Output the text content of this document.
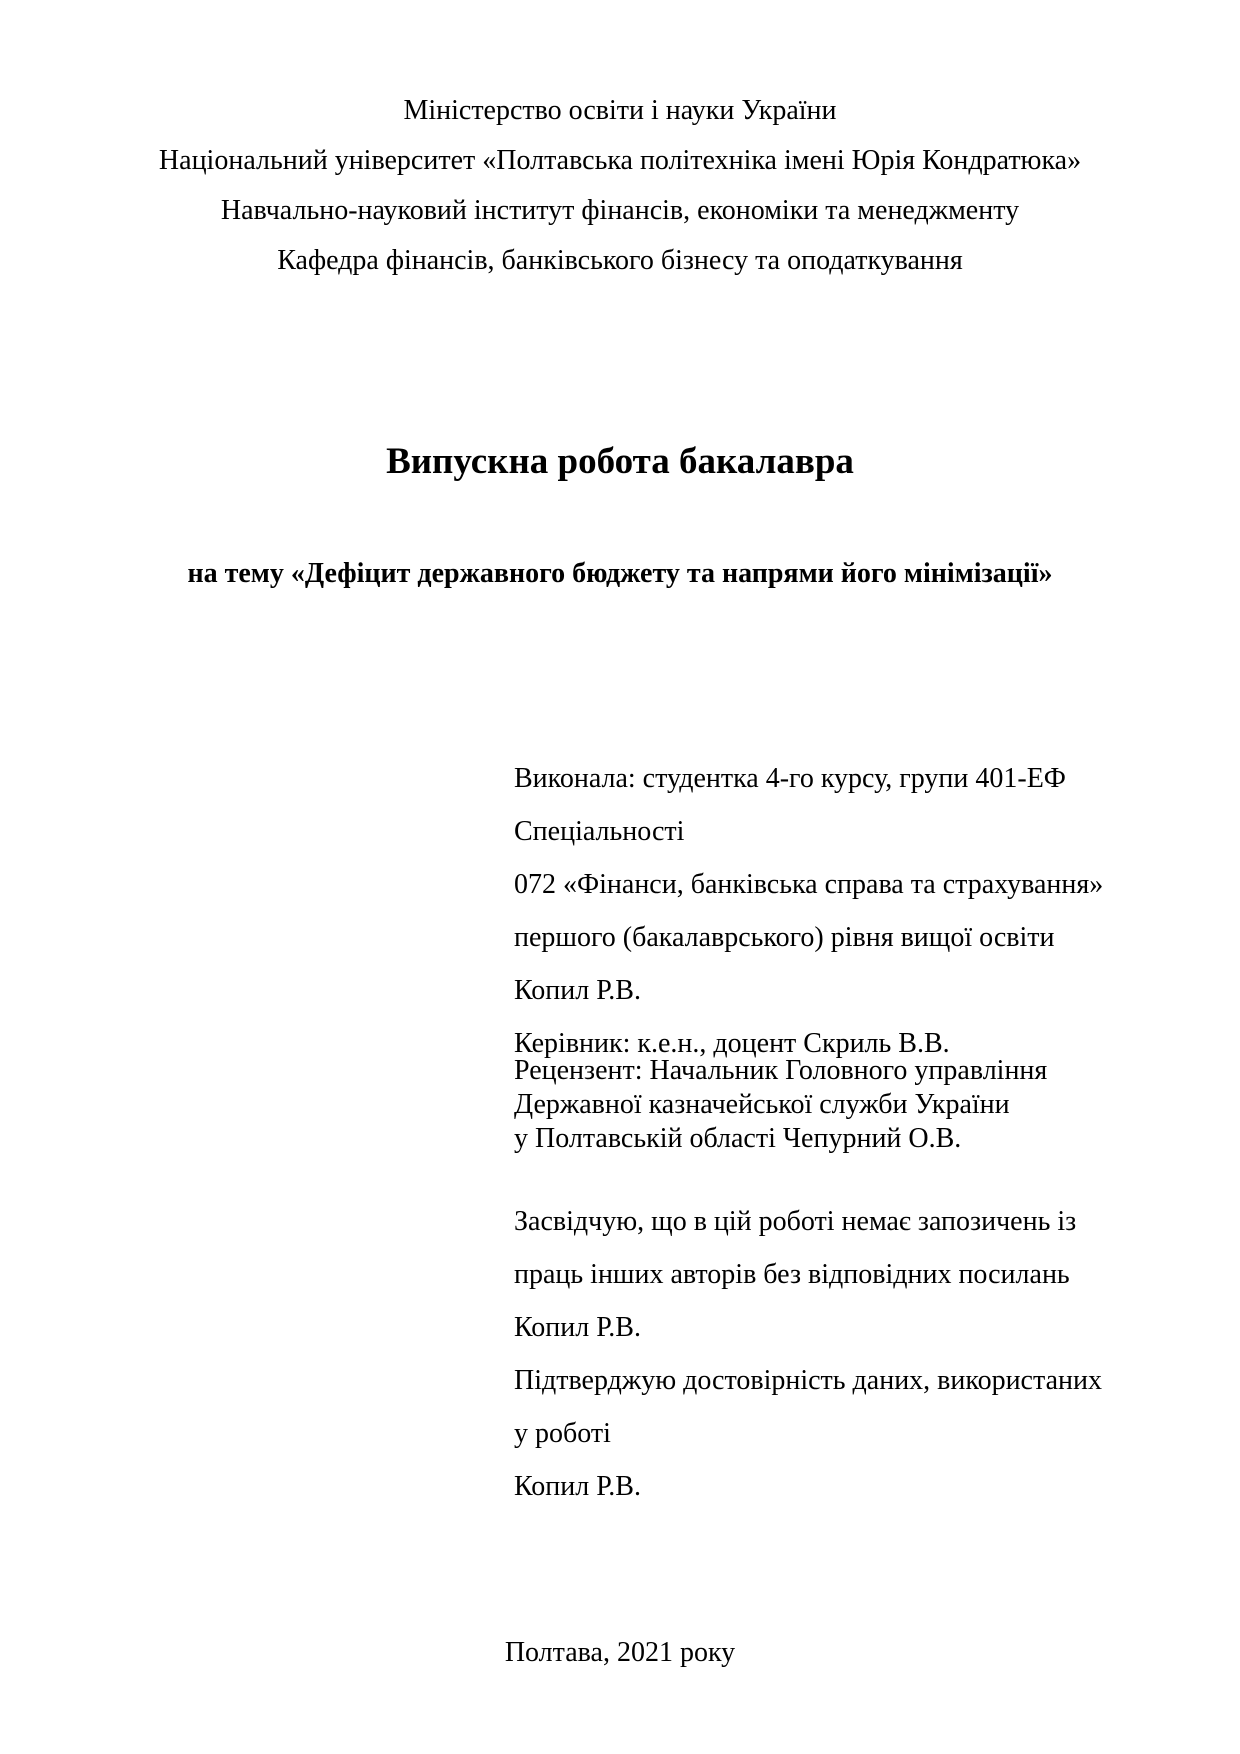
Міністерство освіти і науки України
Національний університет «Полтавська політехніка імені Юрія Кондратюка»
Навчально-науковий інститут фінансів, економіки та менеджменту
Кафедра фінансів, банківського бізнесу та оподаткування
Випускна робота бакалавра
на тему «Дефіцит державного бюджету та напрями його мінімізації»
Виконала: студентка 4-го курсу, групи 401-ЕФ
Спеціальності
072 «Фінанси, банківська справа та страхування»
першого (бакалаврського) рівня вищої освіти
Копил Р.В.
Керівник: к.е.н., доцент Скриль В.В.
Рецензент: Начальник Головного управління
Державної казначейської служби України
у Полтавській області Чепурний О.В.
Засвідчую, що в цій роботі немає запозичень із
праць інших авторів без відповідних посилань
Копил Р.В.
Підтверджую достовірність даних, використаних
у роботі
Копил Р.В.
Полтава, 2021 року
